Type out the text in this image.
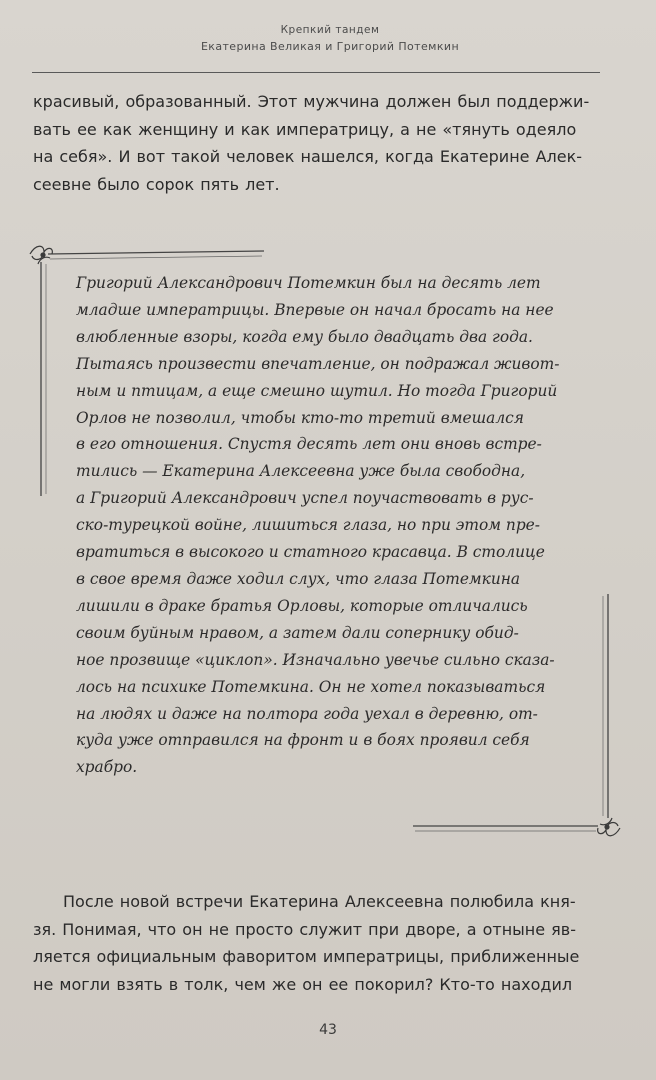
Крепкий тандем
Екатерина Великая и Григорий Потемкин
красивый, образованный. Этот мужчина должен был поддержи-
вать ее как женщину и как императрицу, а не «тянуть одеяло
на себя». И вот такой человек нашелся, когда Екатерине Алек-
сеевне было сорок пять лет.
Григорий Александрович Потемкин был на десять лет
младше императрицы. Впервые он начал бросать на нее
влюбленные взоры, когда ему было двадцать два года.
Пытаясь произвести впечатление, он подражал живот-
ным и птицам, а еще смешно шутил. Но тогда Григорий
Орлов не позволил, чтобы кто-то третий вмешался
в его отношения. Спустя десять лет они вновь встре-
тились — Екатерина Алексеевна уже была свободна,
а Григорий Александрович успел поучаствовать в рус-
ско-турецкой войне, лишиться глаза, но при этом пре-
вратиться в высокого и статного красавца. В столице
в свое время даже ходил слух, что глаза Потемкина
лишили в драке братья Орловы, которые отличались
своим буйным нравом, а затем дали сопернику обид-
ное прозвище «циклоп». Изначально увечье сильно сказа-
лось на психике Потемкина. Он не хотел показываться
на людях и даже на полтора года уехал в деревню, от-
куда уже отправился на фронт и в боях проявил себя
храбро.
После новой встречи Екатерина Алексеевна полюбила кня-
зя. Понимая, что он не просто служит при дворе, а отныне яв-
ляется официальным фаворитом императрицы, приближенные
не могли взять в толк, чем же он ее покорил? Кто-то находил
43
